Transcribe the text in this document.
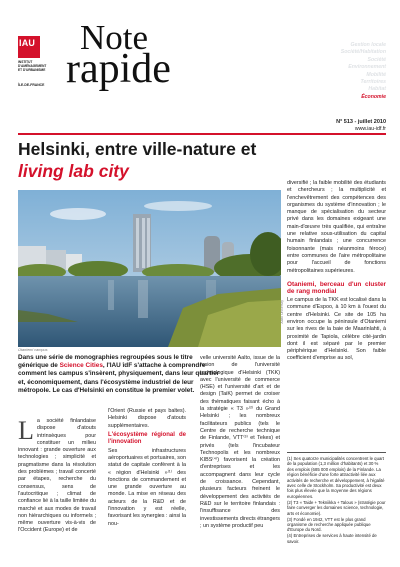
IAU
INSTITUT
D'AMÉNAGEMENT
ET D'URBANISME
ÎLE-DE-FRANCE
Note
rapide
Gestion locale
Société/Habitation
Société
Environnement
Mobilité
Territoires
Habitat
Économie
N° 513 - juillet 2010
www.iau-idf.fr
Helsinki, entre ville-nature et
living lab city
Aalto University
Otaniemi campus

Dans une série de monographies regroupées sous le titre générique de Science Cities, l'IAU îdF s'attache à comprendre comment les campus s'insèrent, physiquement, dans leur quartier et, économiquement, dans l'écosystème industriel de leur métropole. Le cas d'Helsinki en constitue le premier volet.

L a société finlandaise dispose d'atouts intrinsèques pour constituer un milieu innovant : grande ouverture aux technologies ; simplicité et pragmatisme dans la résolution des problèmes ; travail concerté par étapes, recherche du consensus, sens de l'autocritique ; climat de confiance lié à la taille limitée du marché et aux modes de travail non hiérarchiques ou informels ; même ouverture vis-à-vis de l'Occident (Europe) et de

l'Orient (Russie et pays baltes). Helsinki dispose d'atouts supplémentaires.

L'écosystème régional de l'innovation

Ses infrastructures aéroportuaires et portuaires, son statut de capitale confèrent à la « région d'Helsinki »⁽¹⁾ des fonctions de commandement et une grande ouverture au monde. La mise en réseau des acteurs de la R&D et de l'innovation y est réelle, favorisant les synergies : ainsi la nou-

velle université Aalto, issue de la fusion de l'université technologique d'Helsinki (TKK) avec l'université de commerce (HSE) et l'université d'art et de design (TaiK) permet de croiser des thématiques faisant écho à la stratégie « T3 »⁽²⁾ du Grand Helsinki ; les nombreux facilitateurs publics (tels le Centre de recherche technique de Finlande, VTT⁽³⁾ et Tekes) et privés (tels l'incubateur Technopolis et les nombreux KIBS⁽⁴⁾) favorisent la création d'entreprises et les accompagnent dans leur cycle de croissance. Cependant, plusieurs facteurs freinent le développement des activités de R&D sur le territoire finlandais : l'insuffisance des investissements directs étrangers ; un système productif peu

diversifié ; la faible mobilité des étudiants et chercheurs ; la multiplicité et l'enchevêtrement des compétences des organismes du système d'innovation ; le manque de spécialisation du secteur privé dans les domaines exigeant une main-d'œuvre très qualifiée, qui entraîne une relative sous-utilisation du capital humain finlandais ; une concurrence foisonnante (mais néanmoins féroce) entre communes de l'aire métropolitaine pour l'accueil de fonctions métropolitaines supérieures.

Otaniemi, berceau d'un cluster de rang mondial

Le campus de la TKK est localisé dans la commune d'Espoo, à 10 km à l'ouest du centre d'Helsinki. Ce site de 105 ha environ occupe la péninsule d'Otaniemi sur les rives de la baie de Maarinlahti, à proximité de Tapiola, célèbre cité-jardin dont il est séparé par le premier périphérique d'Helsinki. Son faible coefficient d'emprise au sol,

(1) Ses quatorze municipalités concentrent le quart de la population (1,3 million d'habitants) et 30 % des emplois (685 000 emplois) de la Finlande. La région bénéficie d'une forte attractivité liée aux activités de recherche et développement, à l'égalité avec celle de Stockholm. Sa productivité est deux fois plus élevée que la moyenne des régions européennes.

(2) T3 « Taide + Tekniikka + Talous » (stratégie pour faire converger les domaines science, technologie, arts et économie).

(3) Fondé en 1942, VTT est le plus grand organisme de recherche appliquée publique d'Europe du Nord.

(4) Entreprises de services à haute intensité de savoir.
